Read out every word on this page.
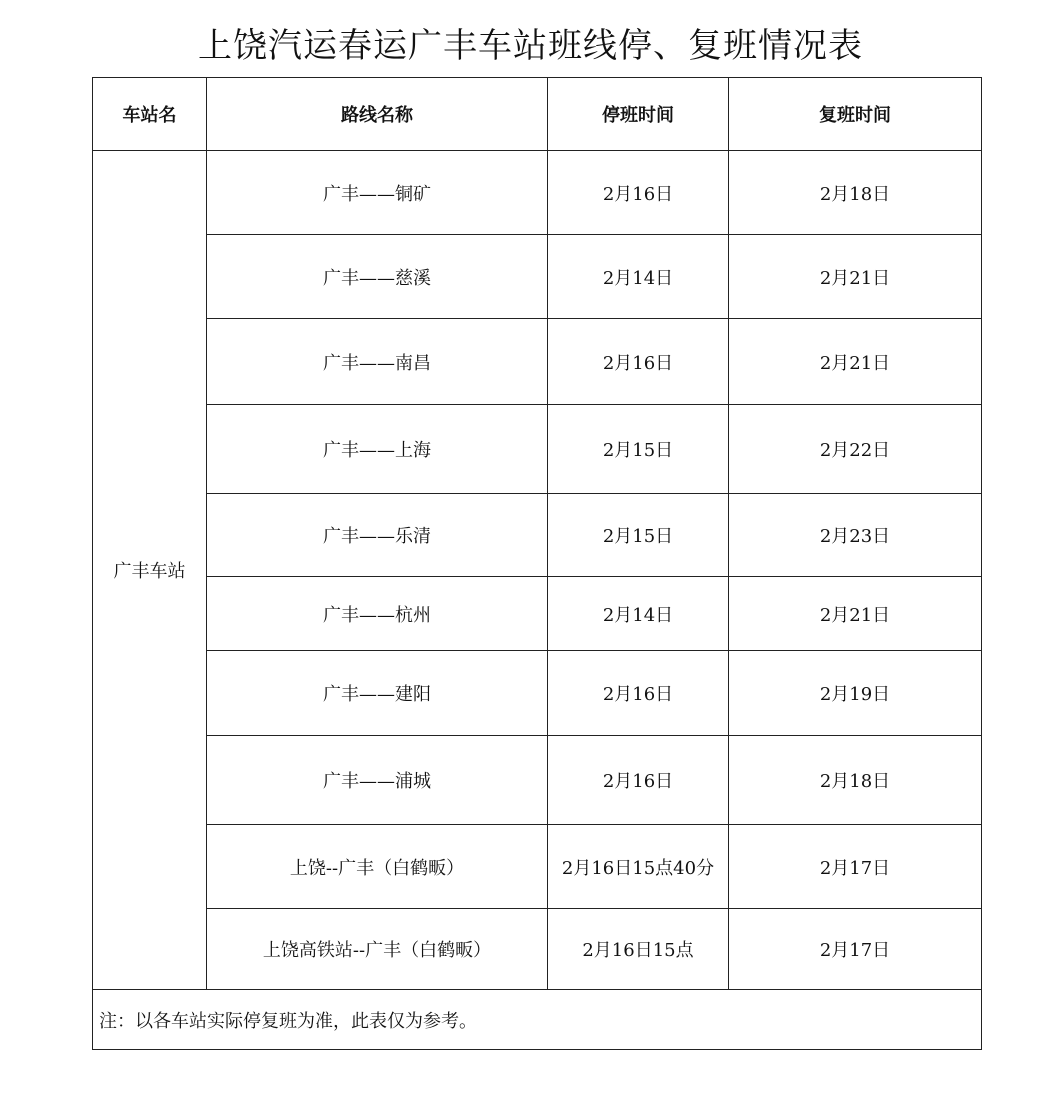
上饶汽运春运广丰车站班线停、复班情况表
车站名	路线名称	停班时间	复班时间
广丰车站	广丰——铜矿	2月16日	2月18日
	广丰——慈溪	2月14日	2月21日
	广丰——南昌	2月16日	2月21日
	广丰——上海	2月15日	2月22日
	广丰——乐清	2月15日	2月23日
	广丰——杭州	2月14日	2月21日
	广丰——建阳	2月16日	2月19日
	广丰——浦城	2月16日	2月18日
	上饶--广丰（白鹤畈）	2月16日15点40分	2月17日
	上饶高铁站--广丰（白鹤畈）	2月16日15点	2月17日
注：以各车站实际停复班为准，此表仅为参考。			
